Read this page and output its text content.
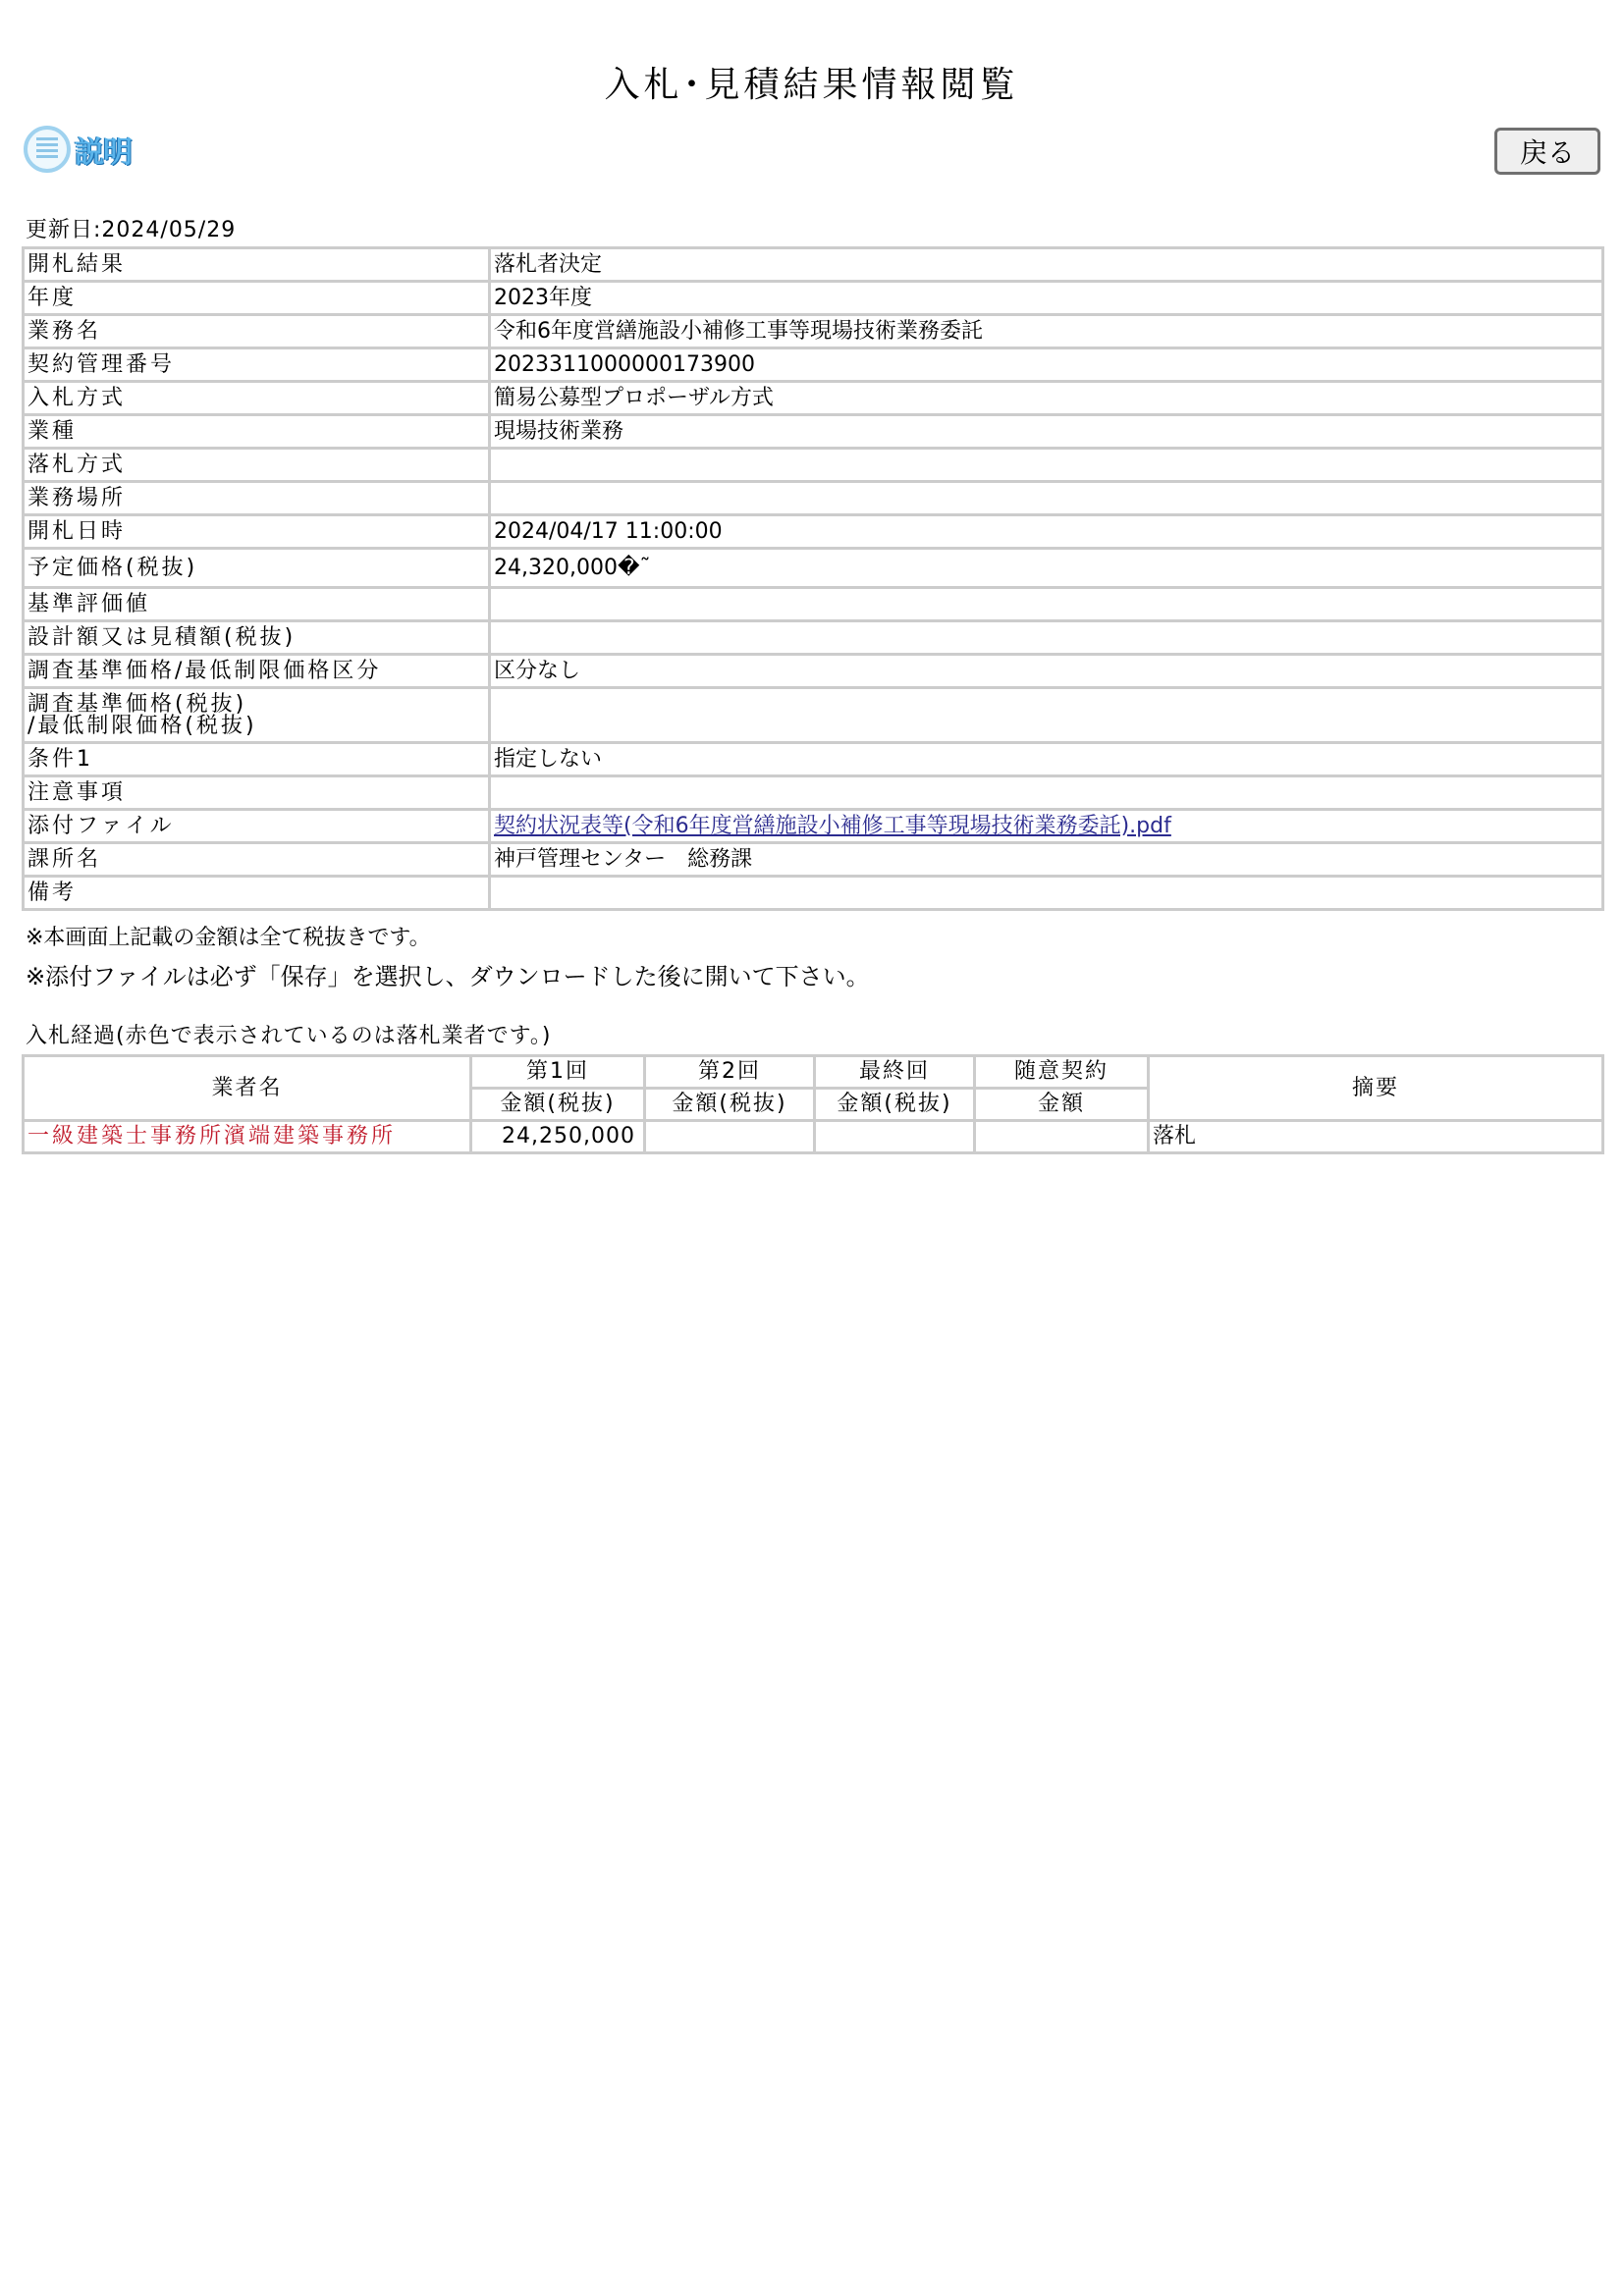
入札･見積結果情報閲覧
説明	戻る
更新日:2024/05/29
開札結果	落札者決定
年度	2023年度
業務名	令和6年度営繕施設小補修工事等現場技術業務委託
契約管理番号	2023311000000173900
入札方式	簡易公募型プロポーザル方式
業種	現場技術業務
落札方式	
業務場所	
開札日時	2024/04/17 11:00:00
予定価格(税抜)	24,320,000�˜
基準評価値	
設計額又は見積額(税抜)	
調査基準価格/最低制限価格区分	区分なし

調査基準価格(税抜)
/最低制限価格(税抜)	

条件1	指定しない
注意事項	
添付ファイル	契約状況表等(令和6年度営繕施設小補修工事等現場技術業務委託).pdf
課所名	神戸管理センター　総務課
備考	
※本画面上記載の金額は全て税抜きです。
※添付ファイルは必ず「保存」を選択し、ダウンロードした後に開いて下さい。
入札経過(赤色で表示されているのは落札業者です。)
業者名	第1回	第2回	最終回	随意契約	摘要
	金額(税抜)	金額(税抜)	金額(税抜)	金額	
一級建築士事務所濱端建築事務所	24,250,000				落札
